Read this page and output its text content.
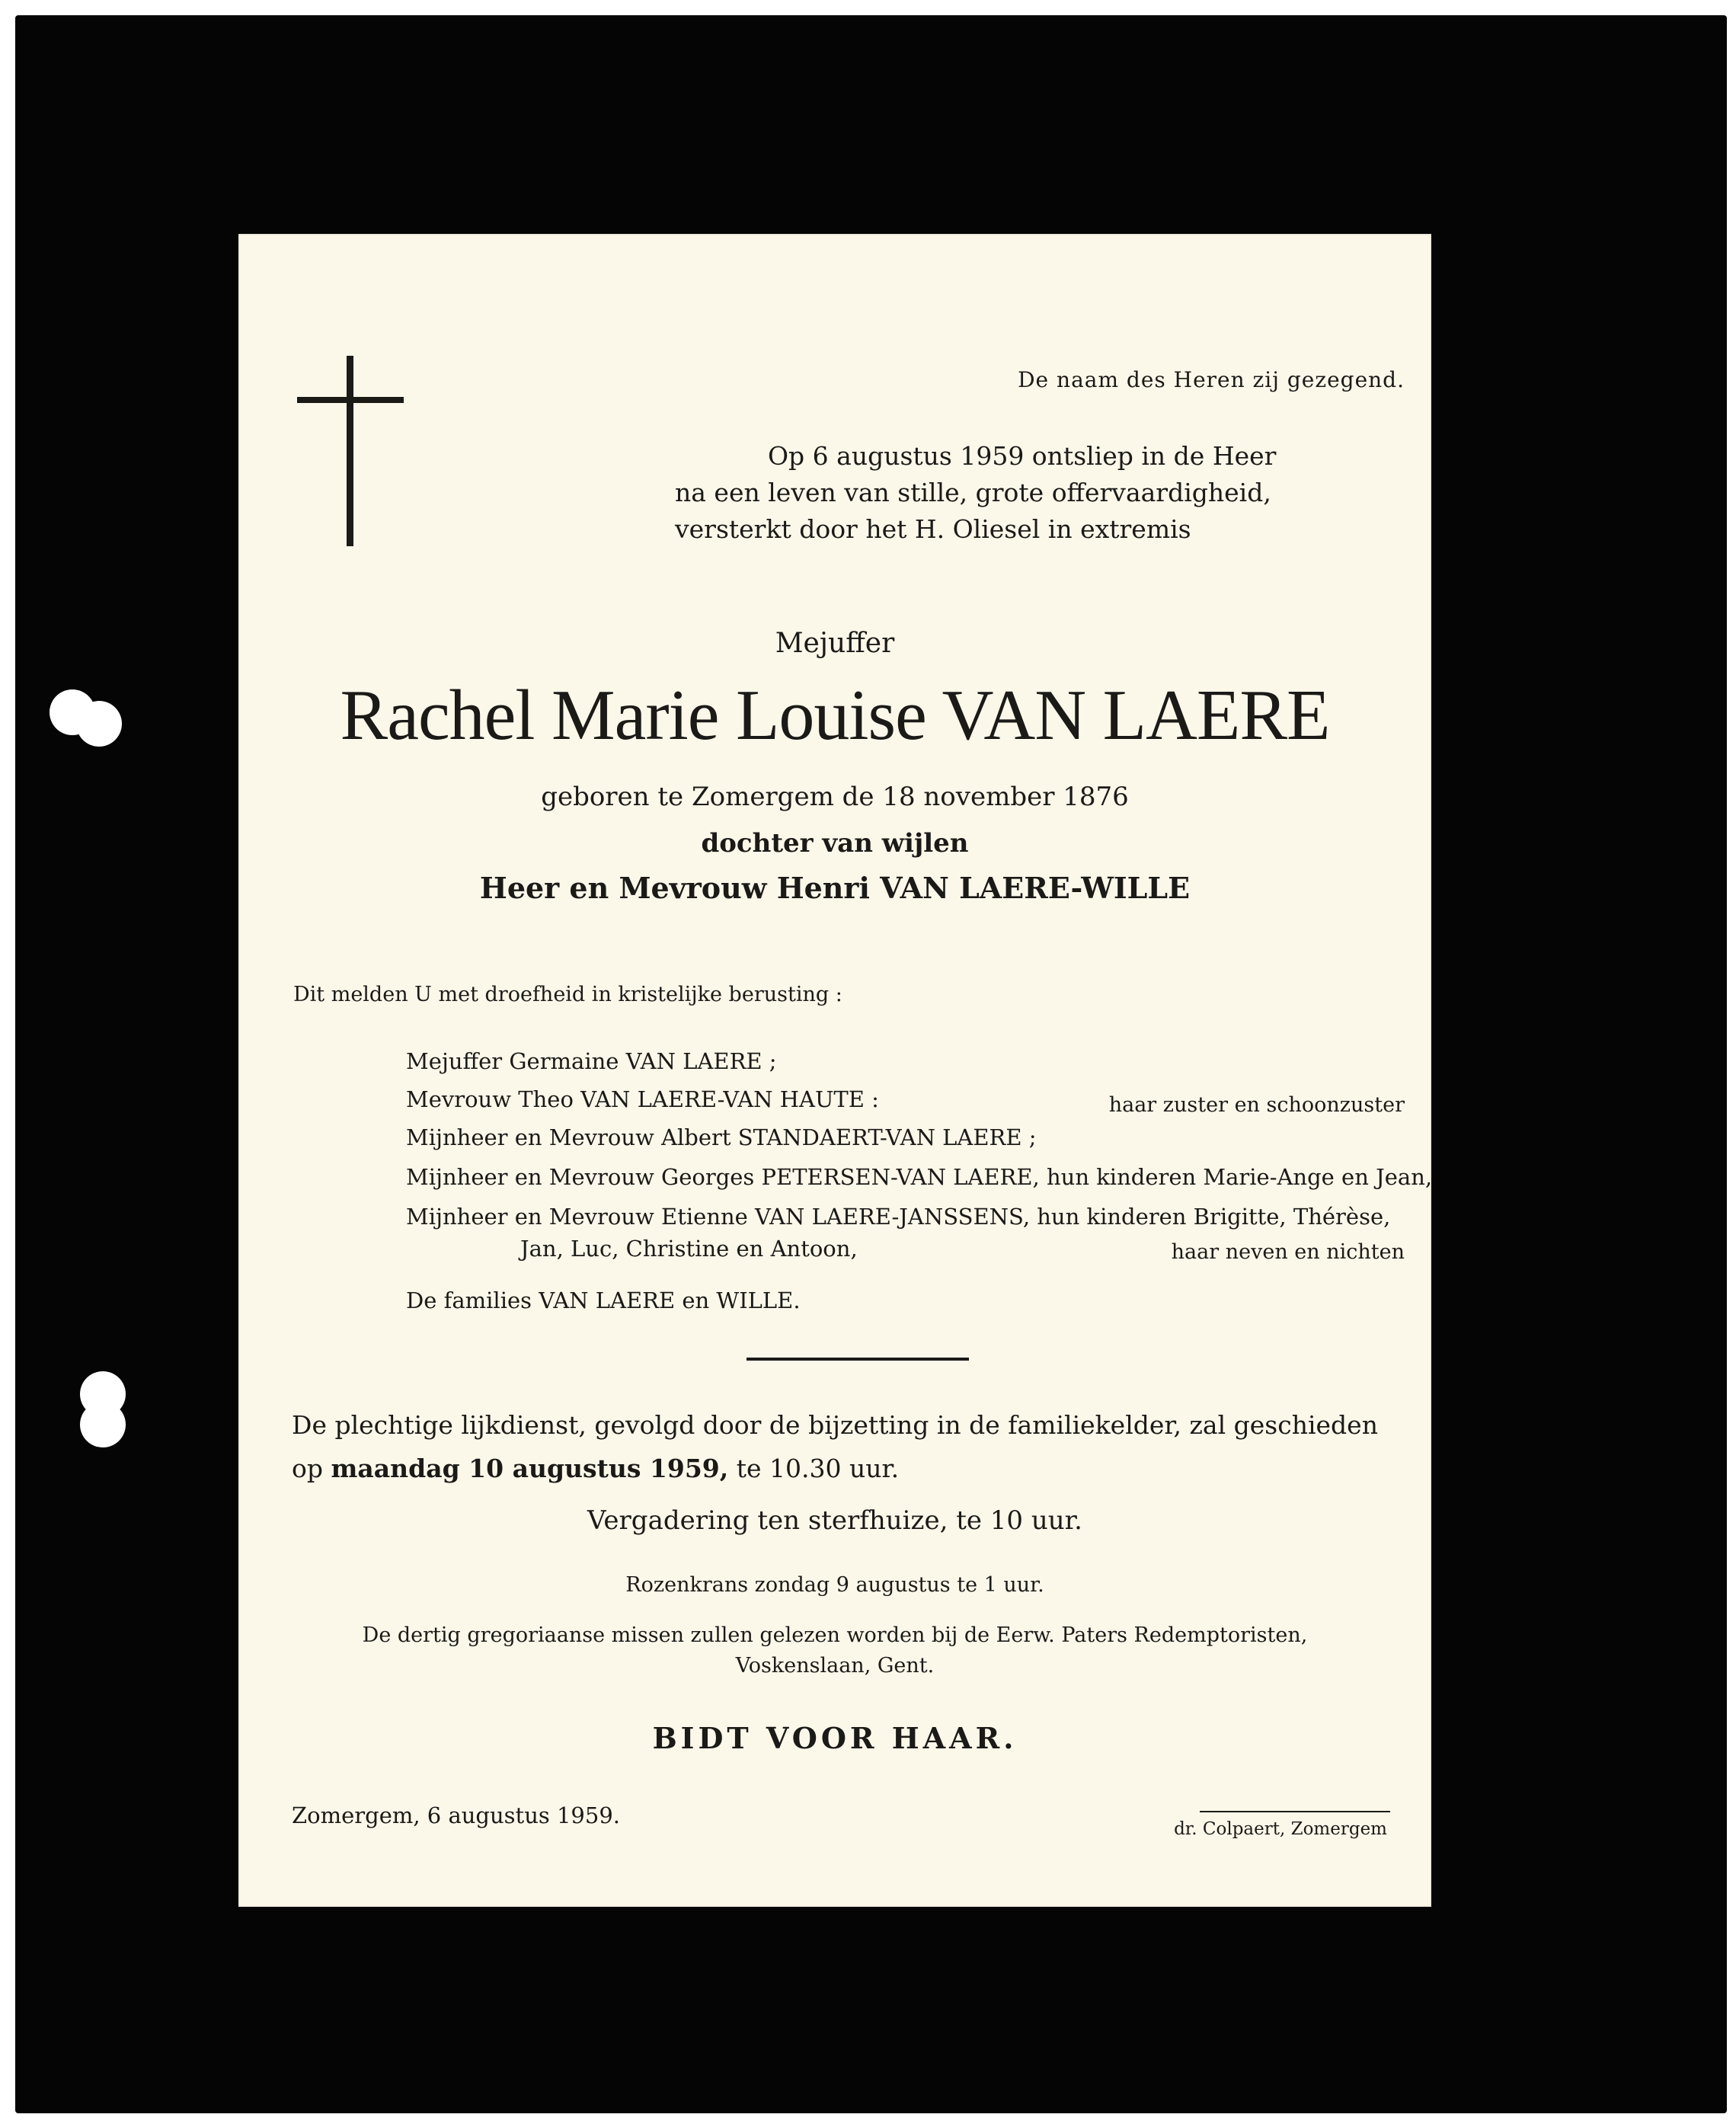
De naam des Heren zij gezegend.
Op 6 augustus 1959 ontsliep in de Heer
na een leven van stille, grote offervaardigheid,
versterkt door het H. Oliesel in extremis
Mejuffer
Rachel Marie Louise VAN LAERE
geboren te Zomergem de 18 november 1876
dochter van wijlen
Heer en Mevrouw Henri VAN LAERE-WILLE
Dit melden U met droefheid in kristelijke berusting :
Mejuffer Germaine VAN LAERE ;
Mevrouw Theo VAN LAERE-VAN HAUTE :	haar zuster en schoonzuster
Mijnheer en Mevrouw Albert STANDAERT-VAN LAERE ;
Mijnheer en Mevrouw Georges PETERSEN-VAN LAERE, hun kinderen Marie-Ange en Jean,
Mijnheer en Mevrouw Etienne VAN LAERE-JANSSENS, hun kinderen Brigitte, Thérèse,
Jan, Luc, Christine en Antoon,	haar neven en nichten
De families VAN LAERE en WILLE.
De plechtige lijkdienst, gevolgd door de bijzetting in de familiekelder, zal geschieden
op maandag 10 augustus 1959, te 10.30 uur.
Vergadering ten sterfhuize, te 10 uur.
Rozenkrans zondag 9 augustus te 1 uur.
De dertig gregoriaanse missen zullen gelezen worden bij de Eerw. Paters Redemptoristen,
Voskenslaan, Gent.
BIDT VOOR HAAR.
Zomergem, 6 augustus 1959.
dr. Colpaert, Zomergem
